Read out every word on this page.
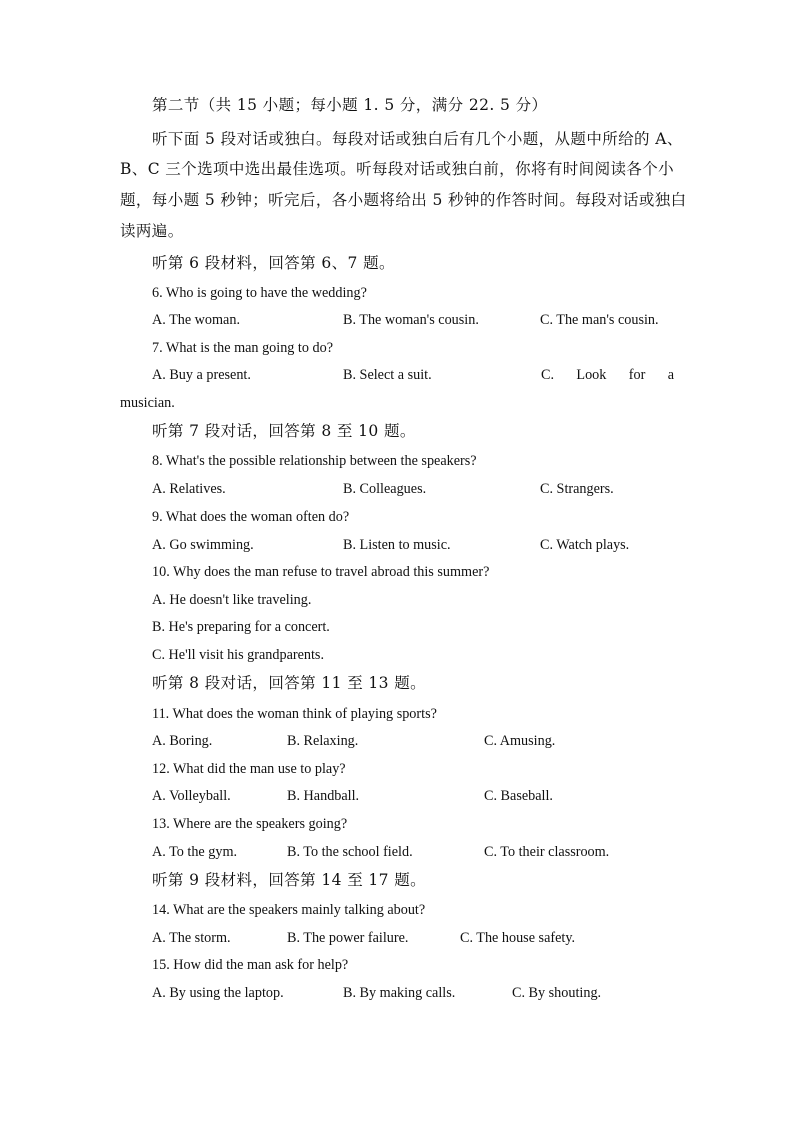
第二节（共 15 小题；每小题 1. 5 分，满分 22. 5 分）
听下面 5 段对话或独白。每段对话或独白后有几个小题，从题中所给的 A、
B、C 三个选项中选出最佳选项。听每段对话或独白前，你将有时间阅读各个小
题，每小题 5 秒钟；听完后，各小题将给出 5 秒钟的作答时间。每段对话或独白
读两遍。
听第 6 段材料，回答第 6、7 题。
6. Who is going to have the wedding?
A. The woman.	B. The woman's cousin.	C. The man's cousin.
7. What is the man going to do?
A. Buy a present.	B. Select a suit.	C. Look for a
musician.
听第 7 段对话，回答第 8 至 10 题。
8. What's the possible relationship between the speakers?
A. Relatives.	B. Colleagues.	C. Strangers.
9. What does the woman often do?
A. Go swimming.	B. Listen to music.	C. Watch plays.
10. Why does the man refuse to travel abroad this summer?
A. He doesn't like traveling.
B. He's preparing for a concert.
C. He'll visit his grandparents.
听第 8 段对话，回答第 11 至 13 题。
11. What does the woman think of playing sports?
A. Boring.	B. Relaxing.	C. Amusing.
12. What did the man use to play?
A. Volleyball.	B. Handball.	C. Baseball.
13. Where are the speakers going?
A. To the gym.	B. To the school field.	C. To their classroom.
听第 9 段材料，回答第 14 至 17 题。
14. What are the speakers mainly talking about?
A. The storm.	B. The power failure.	C. The house safety.
15. How did the man ask for help?
A. By using the laptop.	B. By making calls.	C. By shouting.
